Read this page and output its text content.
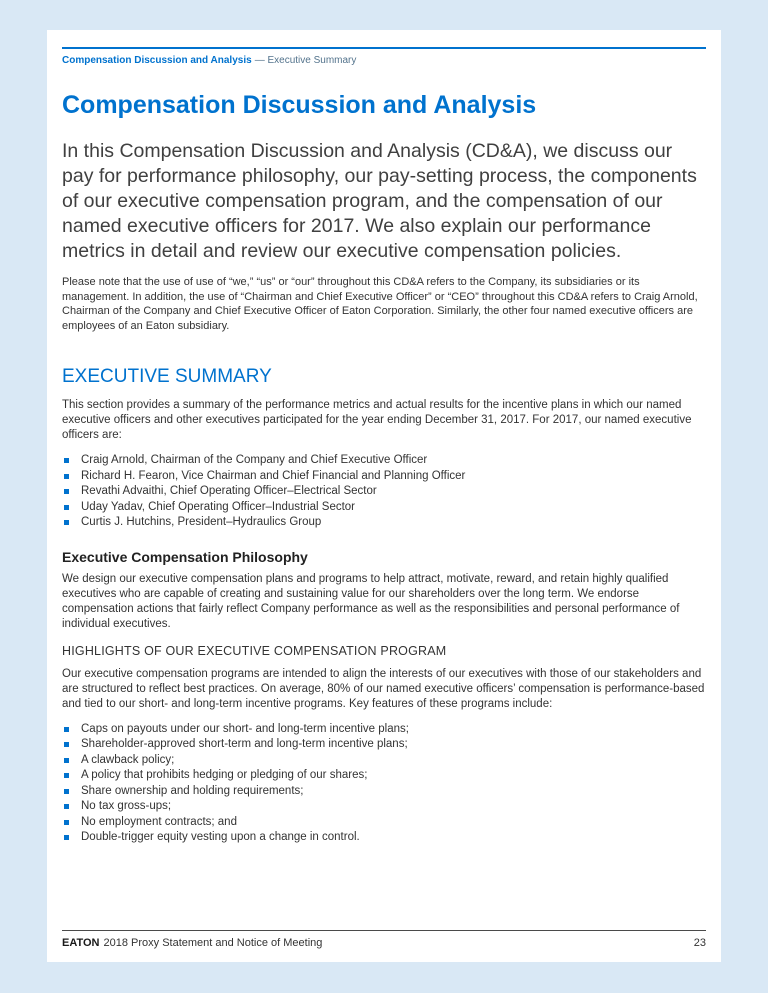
Compensation Discussion and Analysis — Executive Summary
Compensation Discussion and Analysis

In this Compensation Discussion and Analysis (CD&A), we discuss our pay for performance philosophy, our pay-setting process, the components of our executive compensation program, and the compensation of our named executive officers for 2017. We also explain our performance metrics in detail and review our executive compensation policies.

Please note that the use of use of “we,” “us” or “our” throughout this CD&A refers to the Company, its subsidiaries or its management. In addition, the use of “Chairman and Chief Executive Officer” or “CEO” throughout this CD&A refers to Craig Arnold, Chairman of the Company and Chief Executive Officer of Eaton Corporation. Similarly, the other four named executive officers are employees of an Eaton subsidiary.

EXECUTIVE SUMMARY

This section provides a summary of the performance metrics and actual results for the incentive plans in which our named executive officers and other executives participated for the year ending December 31, 2017. For 2017, our named executive officers are:

Craig Arnold, Chairman of the Company and Chief Executive Officer
Richard H. Fearon, Vice Chairman and Chief Financial and Planning Officer
Revathi Advaithi, Chief Operating Officer–Electrical Sector
Uday Yadav, Chief Operating Officer–Industrial Sector
Curtis J. Hutchins, President–Hydraulics Group
Executive Compensation Philosophy

We design our executive compensation plans and programs to help attract, motivate, reward, and retain highly qualified executives who are capable of creating and sustaining value for our shareholders over the long term. We endorse compensation actions that fairly reflect Company performance as well as the responsibilities and personal performance of individual executives.

HIGHLIGHTS OF OUR EXECUTIVE COMPENSATION PROGRAM

Our executive compensation programs are intended to align the interests of our executives with those of our stakeholders and are structured to reflect best practices. On average, 80% of our named executive officers’ compensation is performance-based and tied to our short- and long-term incentive programs. Key features of these programs include:

Caps on payouts under our short- and long-term incentive plans;
Shareholder-approved short-term and long-term incentive plans;
A clawback policy;
A policy that prohibits hedging or pledging of our shares;
Share ownership and holding requirements;
No tax gross-ups;
No employment contracts; and
Double-trigger equity vesting upon a change in control.
EATON 2018 Proxy Statement and Notice of Meeting	23
